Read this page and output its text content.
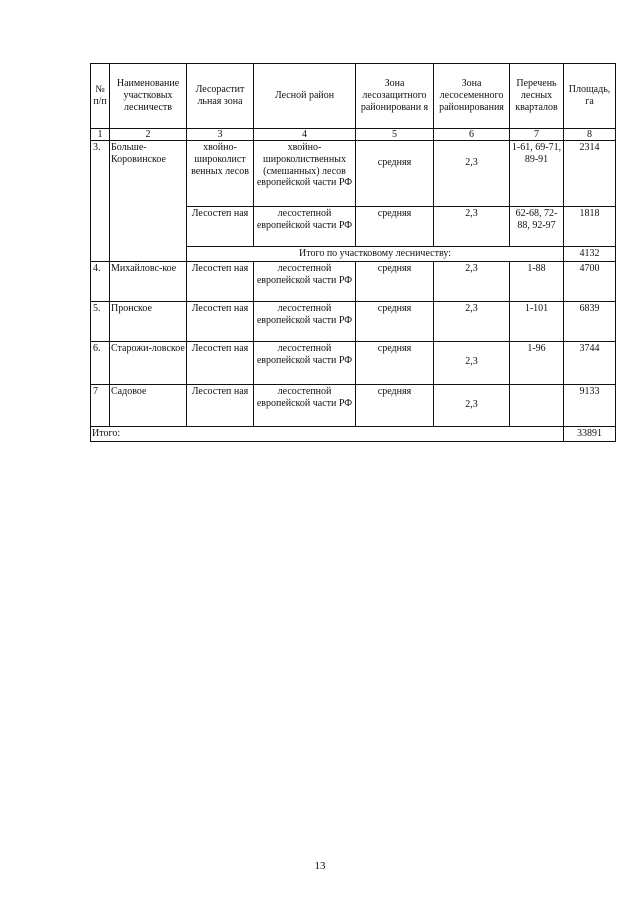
№ п/п	Наименование участковых лесничеств	Лесорастит льная зона	Лесной район	Зона лесозащитного районировани я	Зона лесосеменного районирования	Перечень лесных кварталов	Площадь, га
1	2	3	4	5	6	7	8
3.	Больше-Коровинское	хвойно-широколист венных лесов	хвойно-широколиственных (смешанных) лесов европейской части РФ	средняя	2,3	1-61, 69-71, 89-91	2314
		Лесостеп ная	лесостепной европейской части РФ	средняя	2,3	62-68, 72-88, 92-97	1818
		Итого по участковому лесничеству:					4132
4.	Михайловс-кое	Лесостеп ная	лесостепной европейской части РФ	средняя	2,3	1-88	4700
5.	Пронское	Лесостеп ная	лесостепной европейской части РФ	средняя	2,3	1-101	6839
6.	Старожи-ловское	Лесостеп ная	лесостепной европейской части РФ	средняя	2,3	1-96	3744
7	Садовое	Лесостеп ная	лесостепной европейской части РФ	средняя	2,3		9133
Итого:							33891
13
